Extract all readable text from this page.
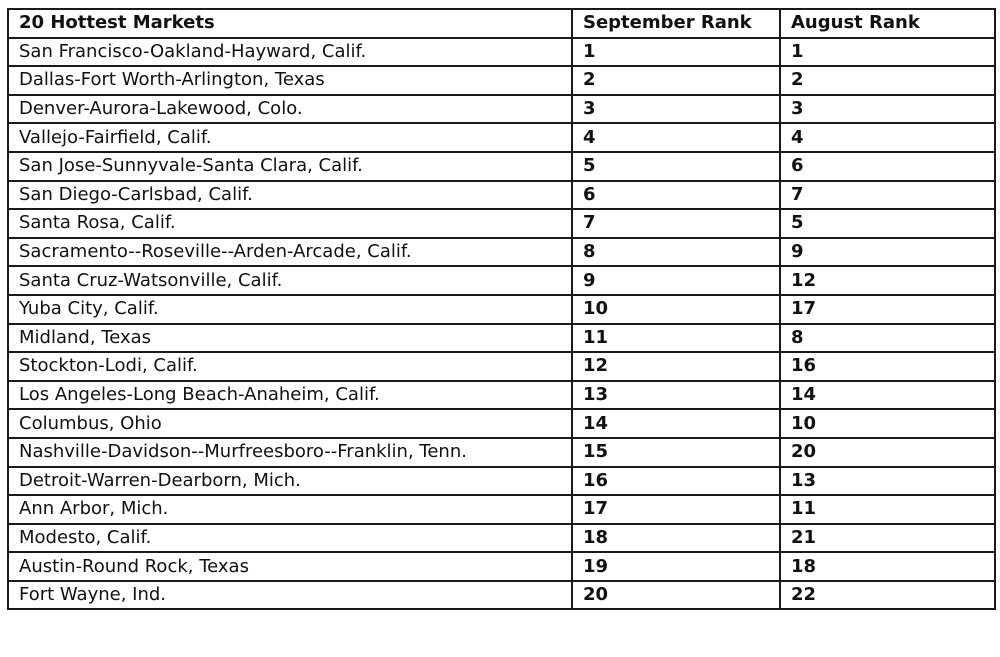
20 Hottest Markets	September Rank	August Rank
San Francisco-Oakland-Hayward, Calif.	1	1
Dallas-Fort Worth-Arlington, Texas	2	2
Denver-Aurora-Lakewood, Colo.	3	3
Vallejo-Fairfield, Calif.	4	4
San Jose-Sunnyvale-Santa Clara, Calif.	5	6
San Diego-Carlsbad, Calif.	6	7
Santa Rosa, Calif.	7	5
Sacramento--Roseville--Arden-Arcade, Calif.	8	9
Santa Cruz-Watsonville, Calif.	9	12
Yuba City, Calif.	10	17
Midland, Texas	11	8
Stockton-Lodi, Calif.	12	16
Los Angeles-Long Beach-Anaheim, Calif.	13	14
Columbus, Ohio	14	10
Nashville-Davidson--Murfreesboro--Franklin, Tenn.	15	20
Detroit-Warren-Dearborn, Mich.	16	13
Ann Arbor, Mich.	17	11
Modesto, Calif.	18	21
Austin-Round Rock, Texas	19	18
Fort Wayne, Ind.	20	22
